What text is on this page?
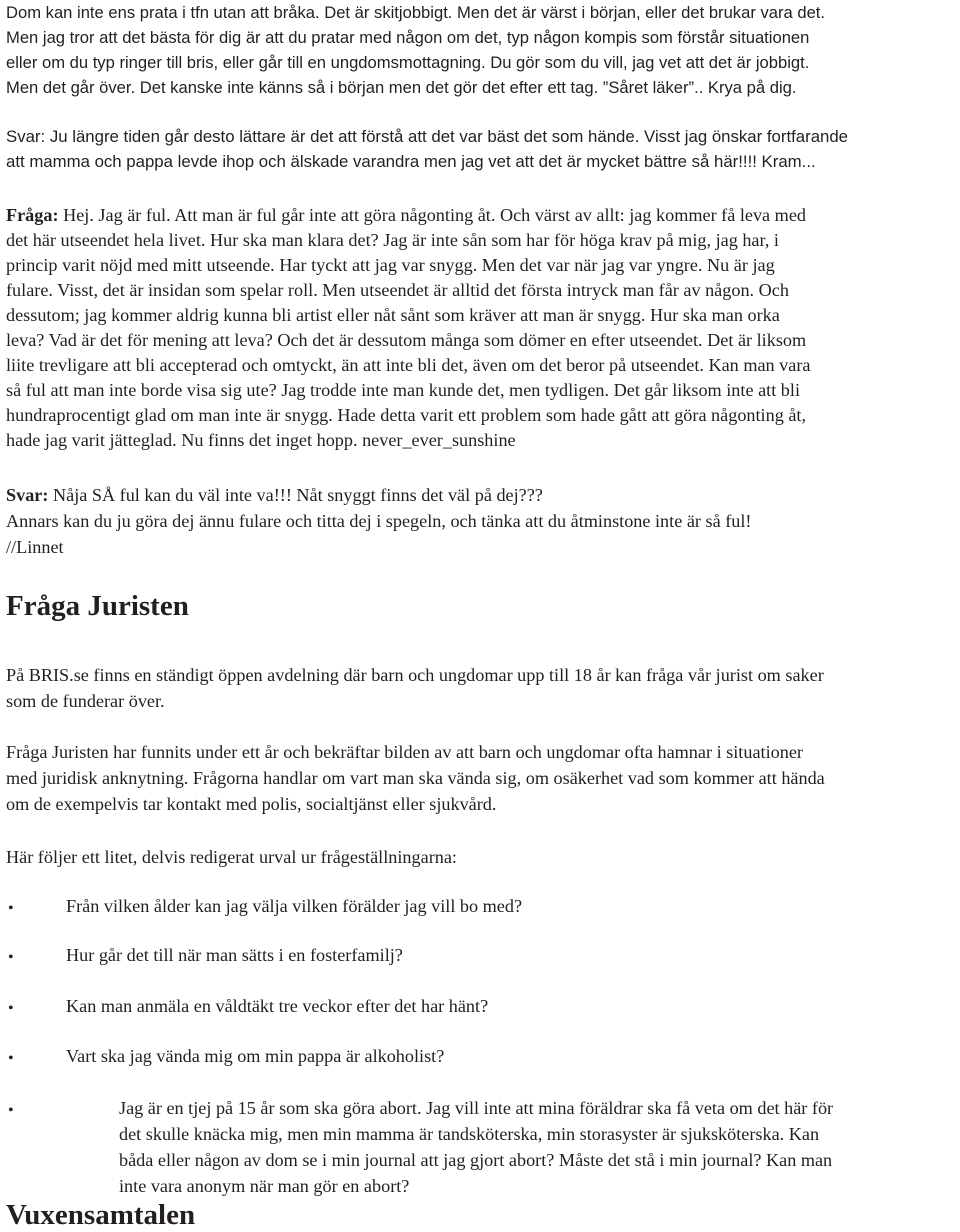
Dom kan inte ens prata i tfn utan att bråka. Det är skitjobbigt. Men det är värst i början, eller det brukar vara det.
Men jag tror att det bästa för dig är att du pratar med någon om det, typ någon kompis som förstår situationen
eller om du typ ringer till bris, eller går till en ungdomsmottagning. Du gör som du vill, jag vet att det är jobbigt.
Men det går över. Det kanske inte känns så i början men det gör det efter ett tag. ”Såret läker”.. Krya på dig.
Svar: Ju längre tiden går desto lättare är det att förstå att det var bäst det som hände. Visst jag önskar fortfarande
att mamma och pappa levde ihop och älskade varandra men jag vet att det är mycket bättre så här!!!! Kram...
Fråga: Hej. Jag är ful. Att man är ful går inte att göra någonting åt. Och värst av allt: jag kommer få leva med
det här utseendet hela livet. Hur ska man klara det? Jag är inte sån som har för höga krav på mig, jag har, i
princip varit nöjd med mitt utseende. Har tyckt att jag var snygg. Men det var när jag var yngre. Nu är jag
fulare. Visst, det är insidan som spelar roll. Men utseendet är alltid det första intryck man får av någon. Och
dessutom; jag kommer aldrig kunna bli artist eller nåt sånt som kräver att man är snygg. Hur ska man orka
leva? Vad är det för mening att leva? Och det är dessutom många som dömer en efter utseendet. Det är liksom
liite trevligare att bli accepterad och omtyckt, än att inte bli det, även om det beror på utseendet. Kan man vara
så ful att man inte borde visa sig ute? Jag trodde inte man kunde det, men tydligen. Det går liksom inte att bli
hundraprocentigt glad om man inte är snygg. Hade detta varit ett problem som hade gått att göra någonting åt,
hade jag varit jätteglad. Nu finns det inget hopp. never_ever_sunshine
Svar: Nåja SÅ ful kan du väl inte va!!! Nåt snyggt finns det väl på dej???
Annars kan du ju göra dej ännu fulare och titta dej i spegeln, och tänka att du åtminstone inte är så ful!
//Linnet
Fråga Juristen
På BRIS.se finns en ständigt öppen avdelning där barn och ungdomar upp till 18 år kan fråga vår jurist om saker
som de funderar över.
Fråga Juristen har funnits under ett år och bekräftar bilden av att barn och ungdomar ofta hamnar i situationer
med juridisk anknytning. Frågorna handlar om vart man ska vända sig, om osäkerhet vad som kommer att hända
om de exempelvis tar kontakt med polis, socialtjänst eller sjukvård.
Här följer ett litet, delvis redigerat urval ur frågeställningarna:
•	Från vilken ålder kan jag välja vilken förälder jag vill bo med?
•	Hur går det till när man sätts i en fosterfamilj?
•	Kan man anmäla en våldtäkt tre veckor efter det har hänt?
•	Vart ska jag vända mig om min pappa är alkoholist?
•	Jag är en tjej på 15 år som ska göra abort. Jag vill inte att mina föräldrar ska få veta om det här för
det skulle knäcka mig, men min mamma är tandsköterska, min storasyster är sjuksköterska. Kan
båda eller någon av dom se i min journal att jag gjort abort? Måste det stå i min journal? Kan man
inte vara anonym när man gör en abort?
Vuxensamtalen
